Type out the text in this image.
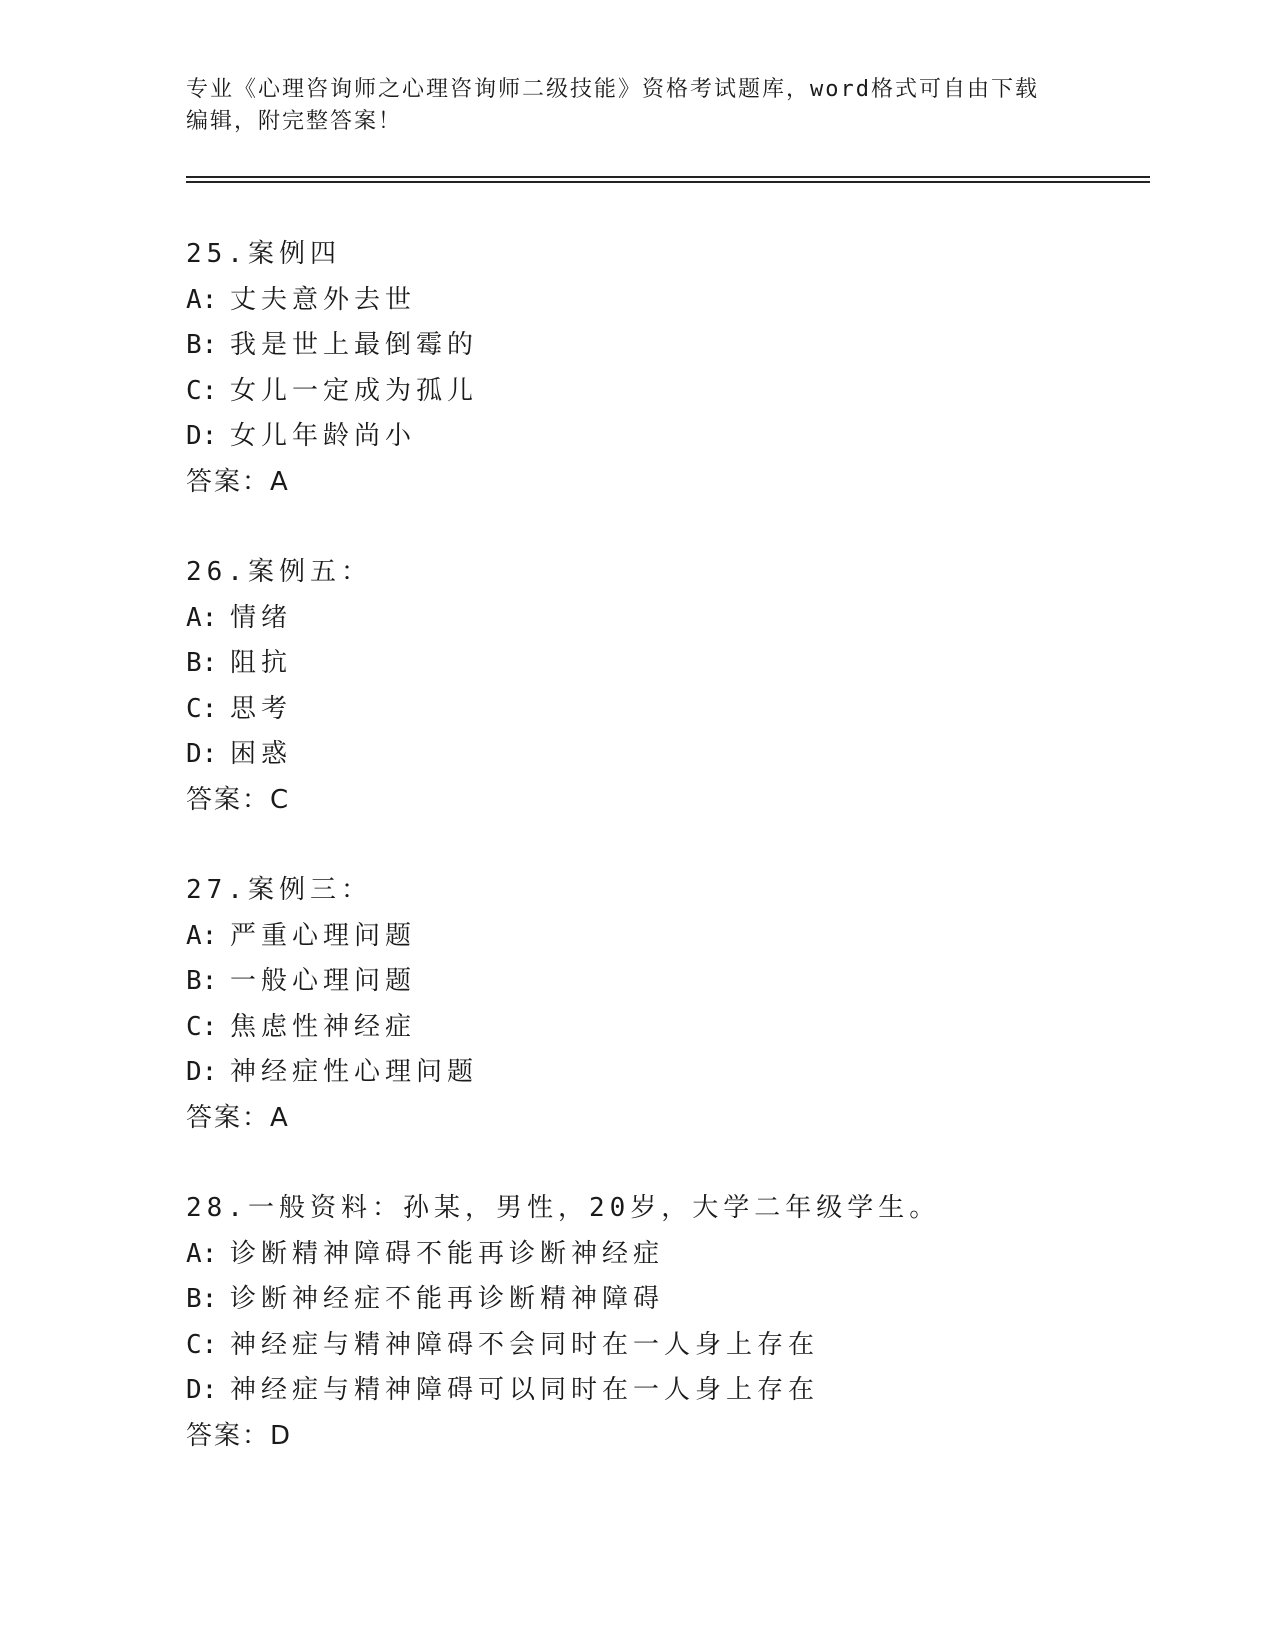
专业《心理咨询师之心理咨询师二级技能》资格考试题库，word格式可自由下载
编辑，附完整答案！
25.案例四
A: 丈夫意外去世
B: 我是世上最倒霉的
C: 女儿一定成为孤儿
D: 女儿年龄尚小
答案：A
26.案例五：
A: 情绪
B: 阻抗
C: 思考
D: 困惑
答案：C
27.案例三：
A: 严重心理问题
B: 一般心理问题
C: 焦虑性神经症
D: 神经症性心理问题
答案：A
28.一般资料：孙某，男性，20岁，大学二年级学生。
A: 诊断精神障碍不能再诊断神经症
B: 诊断神经症不能再诊断精神障碍
C: 神经症与精神障碍不会同时在一人身上存在
D: 神经症与精神障碍可以同时在一人身上存在
答案：D
